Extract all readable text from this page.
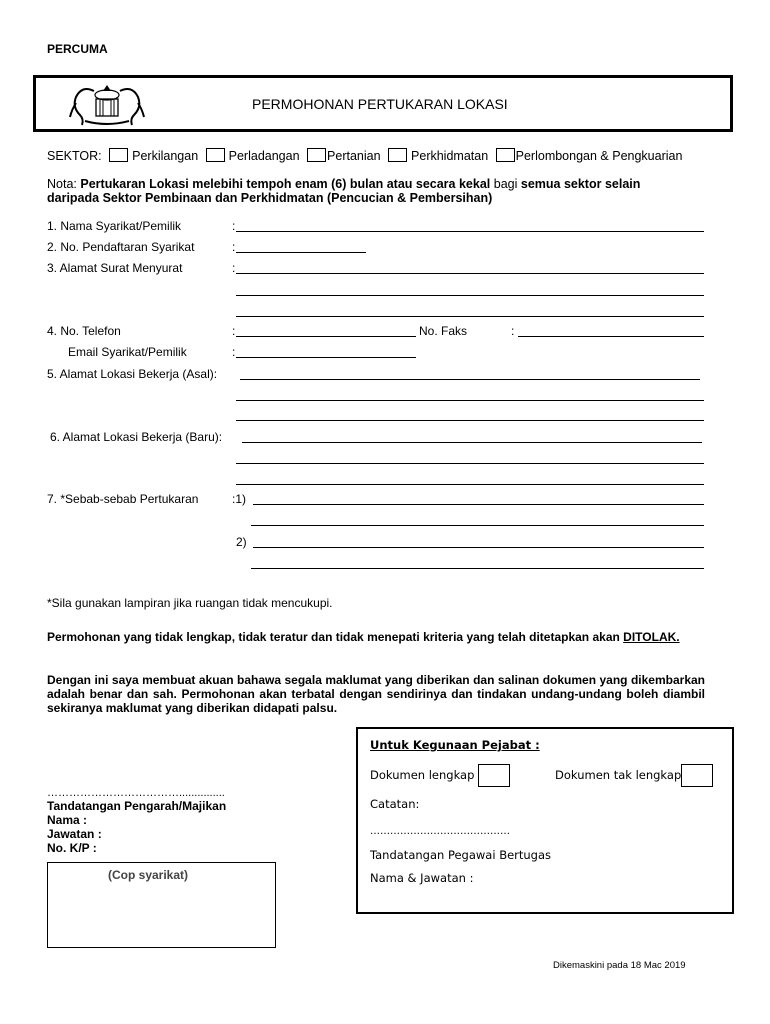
PERCUMA
PERMOHONAN PERTUKARAN LOKASI
SEKTOR: Perkilangan Perladangan Pertanian Perkhidmatan Perlombongan & Pengkuarian
Nota: Pertukaran Lokasi melebihi tempoh enam (6) bulan atau secara kekal bagi semua sektor selain
daripada Sektor Pembinaan dan Perkhidmatan (Pencucian & Pembersihan)
1. Nama Syarikat/Pemilik	:
2. No. Pendaftaran Syarikat	:
3. Alamat Surat Menyurat	:
4. No. Telefon	:	No. Faks	:
Email Syarikat/Pemilik	:
5. Alamat Lokasi Bekerja (Asal):
6. Alamat Lokasi Bekerja (Baru):
7. *Sebab-sebab Pertukaran	:1)
2)
*Sila gunakan lampiran jika ruangan tidak mencukupi.
Permohonan yang tidak lengkap, tidak teratur dan tidak menepati kriteria yang telah ditetapkan akan DITOLAK.
Dengan ini saya membuat akuan bahawa segala maklumat yang diberikan dan salinan dokumen yang dikembarkan adalah benar dan sah. Permohonan akan terbatal dengan sendirinya dan tindakan undang-undang boleh diambil sekiranya maklumat yang diberikan didapati palsu.
………………………………...............
Tandatangan Pengarah/Majikan
Nama :
Jawatan :
No. K/P :
(Cop syarikat)
Untuk Kegunaan Pejabat :
Dokumen lengkap	Dokumen tak lengkap
Catatan:
……………………………………
Tandatangan Pegawai Bertugas
Nama & Jawatan :
Dikemaskini pada 18 Mac 2019
